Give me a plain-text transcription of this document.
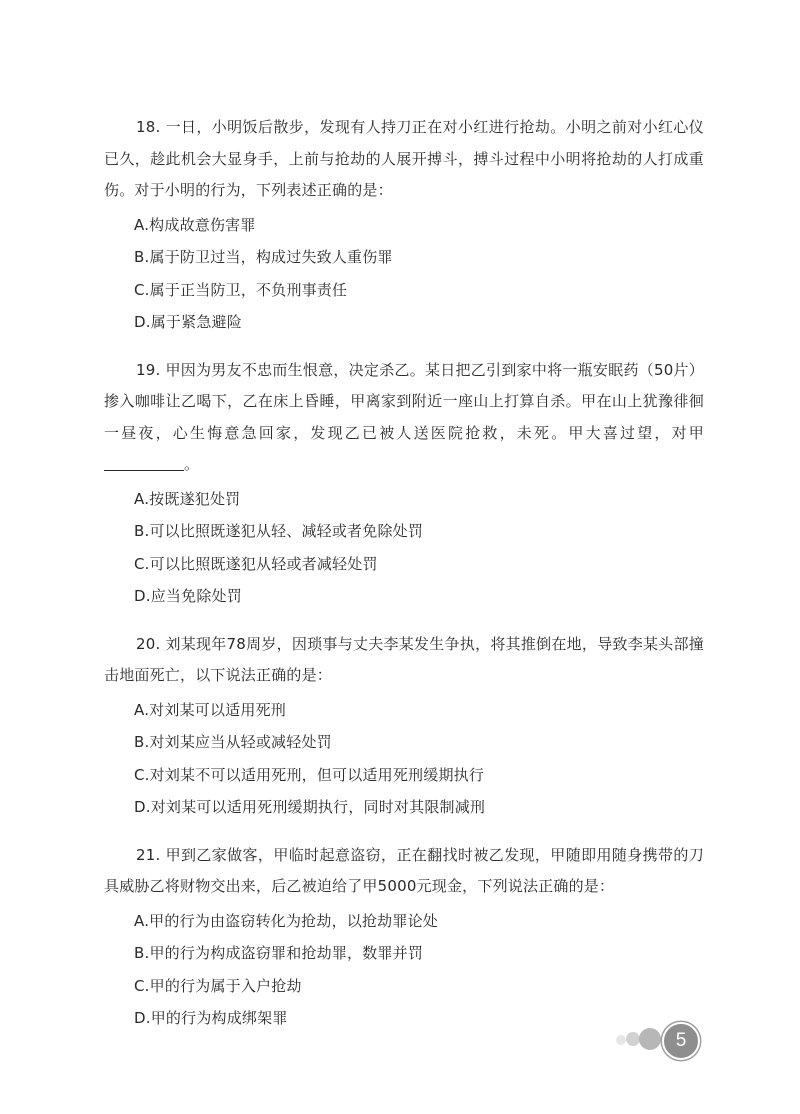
18. 一日，小明饭后散步，发现有人持刀正在对小红进行抢劫。小明之前对小红心仪已久，趁此机会大显身手，上前与抢劫的人展开搏斗，搏斗过程中小明将抢劫的人打成重伤。对于小明的行为，下列表述正确的是：

A.构成故意伤害罪

B.属于防卫过当，构成过失致人重伤罪

C.属于正当防卫，不负刑事责任

D.属于紧急避险

19. 甲因为男友不忠而生恨意，决定杀乙。某日把乙引到家中将一瓶安眠药（50片）掺入咖啡让乙喝下，乙在床上昏睡，甲离家到附近一座山上打算自杀。甲在山上犹豫徘徊一昼夜，心生悔意急回家，发现乙已被人送医院抢救，未死。甲大喜过望，对甲。

A.按既遂犯处罚

B.可以比照既遂犯从轻、减轻或者免除处罚

C.可以比照既遂犯从轻或者减轻处罚

D.应当免除处罚

20. 刘某现年78周岁，因琐事与丈夫李某发生争执，将其推倒在地，导致李某头部撞击地面死亡，以下说法正确的是：

A.对刘某可以适用死刑

B.对刘某应当从轻或减轻处罚

C.对刘某不可以适用死刑，但可以适用死刑缓期执行

D.对刘某可以适用死刑缓期执行，同时对其限制减刑

21. 甲到乙家做客，甲临时起意盗窃，正在翻找时被乙发现，甲随即用随身携带的刀具威胁乙将财物交出来，后乙被迫给了甲5000元现金，下列说法正确的是：

A.甲的行为由盗窃转化为抢劫，以抢劫罪论处

B.甲的行为构成盗窃罪和抢劫罪，数罪并罚

C.甲的行为属于入户抢劫

D.甲的行为构成绑架罪

5
